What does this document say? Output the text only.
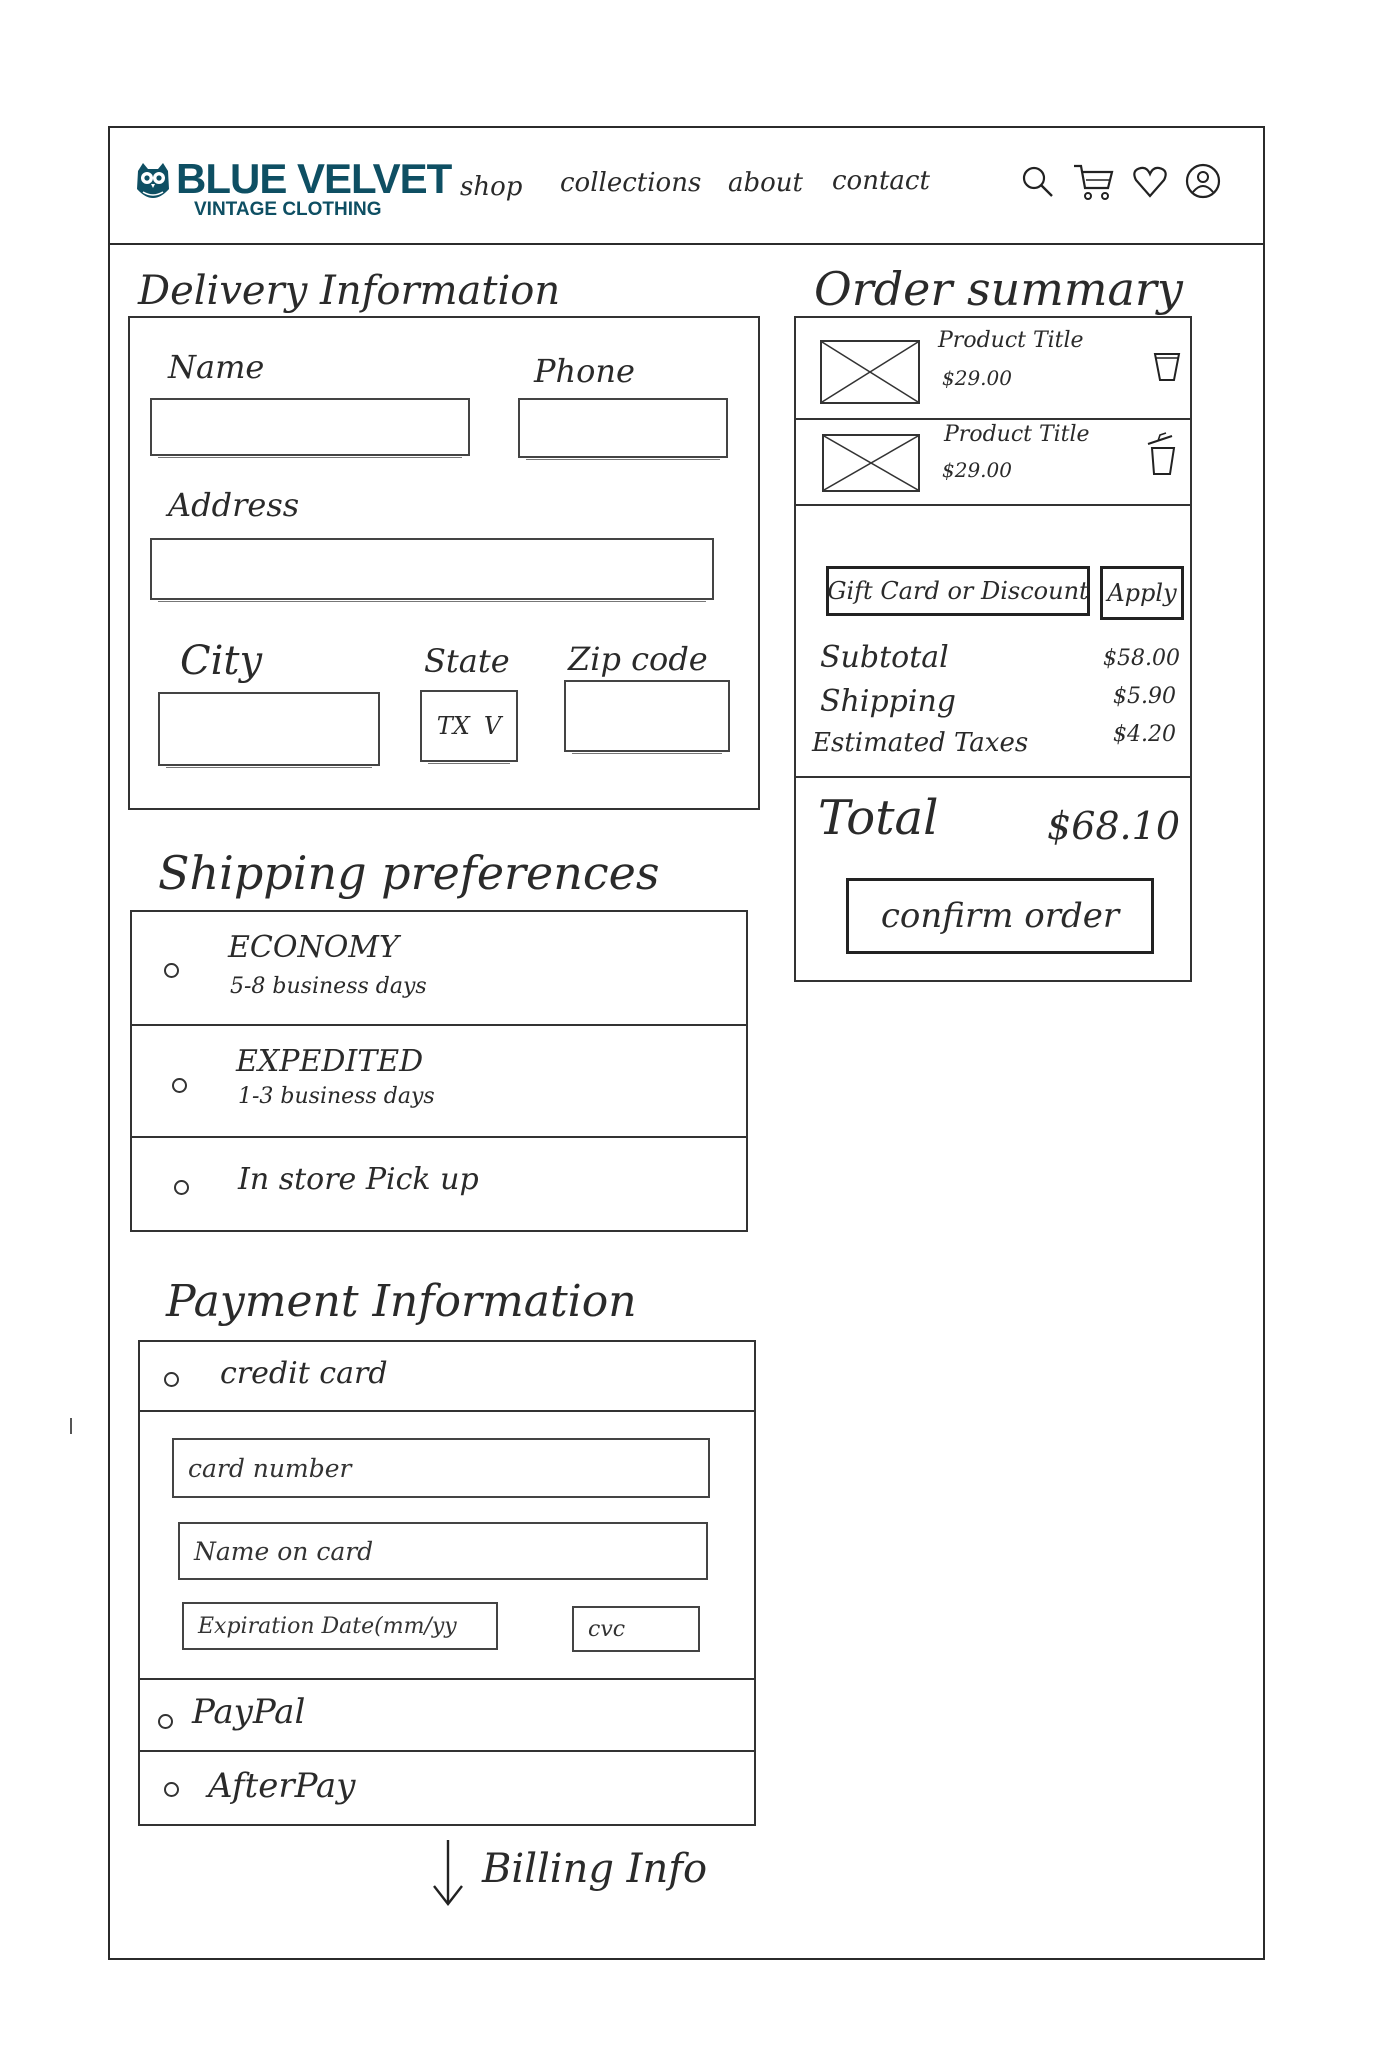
BLUE VELVET
VINTAGE CLOTHING
shop collections about contact
Delivery Information
Name	Phone
Address
City	State
TX V
Zip code
Shipping preferences
ECONOMY
5-8 business days
EXPEDITED
1-3 business days
In store Pick up
Payment Information
credit card
card number
Name on card
Expiration Date(mm/yy	cvc
PayPal
AfterPay
Billing Info
Order summary
Product Title
$29.00
Product Title
$29.00
Gift Card or Discount Apply
Subtotal	$58.00
Shipping	$5.90
Estimated Taxes	$4.20
Total	$68.10
confirm order
